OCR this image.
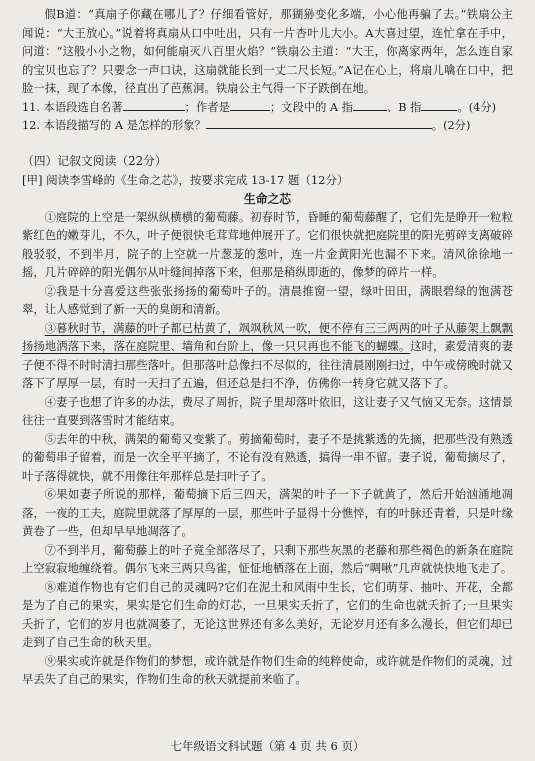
假B道：“真扇子你藏在哪儿了？仔细看管好，那猢狲变化多端，小心他再骗了去。”铁扇公主闻说：“大王放心。”说着将真扇从口中吐出，只有一片杏叶儿大小。A大喜过望，连忙拿在手中，问道：“这般小小之物，如何能扇灭八百里火焰？”铁扇公主道：“大王，你离家两年，怎么连自家的宝贝也忘了？只要念一声口诀，这扇就能长到一丈二尺长短。”A记在心上，将扇儿噙在口中，把脸一抹，现了本像，径直出了芭蕉洞。铁扇公主气得一下子跌倒在地。

11. 本语段选自名著	；作者是	；文段中的 A 指	、B 指	。(4分)
12. 本语段描写的 A 是怎样的形象？	。(2分)
（四）记叙文阅读（22分）
[甲] 阅读李雪峰的《生命之芯》，按要求完成 13-17 题（12分）
生命之芯

①庭院的上空是一架纵纵横横的葡萄藤。初春时节，昏睡的葡萄藤醒了，它们先是睁开一粒粒紫红色的嫩芽儿，不久，叶子便很快毛茸茸地伸展开了。它们很快就把庭院里的阳光剪碎支离破碎般驳驳，不到半月，院子的上空就一片葱茏的葱叶，连一片金黄阳光也漏不下来。清风徐徐地一摇，几片碎碎的阳光偶尔从叶缝间掉落下来，但那是稍纵即逝的，像梦的碎片一样。

②我是十分喜爱这些张张扬扬的葡萄叶子的。清晨推窗一望，绿叶田田，满眼碧绿的饱满苍翠，让人感觉到了新一天的臭朗和清新。

③暮秋时节，满藤的叶子都已枯黄了，飒飒秋风一吹，便不停有三三两两的叶子从藤架上飘飘扬扬地洒落下来，落在庭院里、墙角和台阶上，像一只只再也不能飞的蝴蝶。这时，素爱清爽的妻子便不得不时时清扫那些落叶。但那落叶总像扫不尽似的，往往清晨刚刚扫过，中午或傍晚时就又落下了厚厚一层，有时一天扫了五遍，但还总是扫不净，仿佛你一转身它就又落下了。

④妻子也想了许多的办法，费尽了周折，院子里却落叶依旧，这让妻子又气恼又无奈。这情景往往一直要到落雪时才能结束。

⑤去年的中秋，满架的葡萄又变紫了。剪摘葡萄时，妻子不是挑紫透的先摘，把那些没有熟透的葡萄串子留着，而是一次全平平摘了，不论有没有熟透，搞得一串不留。妻子说，葡萄摘尽了，叶子落得就快，就不用像往年那样总是扫叶子了。

⑥果如妻子所说的那样，葡萄摘下后三四天，满架的叶子一下子就黄了，然后开始汹涌地凋落，一夜的工夫，庭院里就落了厚厚的一层，那些叶子显得十分憔悴，有的叶脉还青着，只是叶缘黄卷了一些，但却早早地凋落了。

⑦不到半月，葡萄藤上的叶子竟全部落尽了，只剩下那些灰黑的老藤和那些褐色的新条在庭院上空寂寂地缠绕着。偶尔飞来三两只鸟雀，怔怔地栖落在上面，然后“啁啾”几声就快快地飞走了。

⑧难道作物也有它们自己的灵魂吗?它们在泥土和风雨中生长，它们萌芽、抽叶、开花，全都是为了自己的果实，果实是它们生命的灯芯，一旦果实夭折了，它们的生命也就夭折了;一旦果实夭折了，它们的岁月也就凋萎了，无论这世界还有多么美好，无论岁月还有多么漫长，但它们却已走到了自己生命的秋天里。

⑨果实或许就是作物们的梦想，或许就是作物们生命的纯粹使命，或许就是作物们的灵魂，过早丢失了自己的果实，作物们生命的秋天就提前来临了。

七年级语文科试题（第 4 页 共 6 页）
